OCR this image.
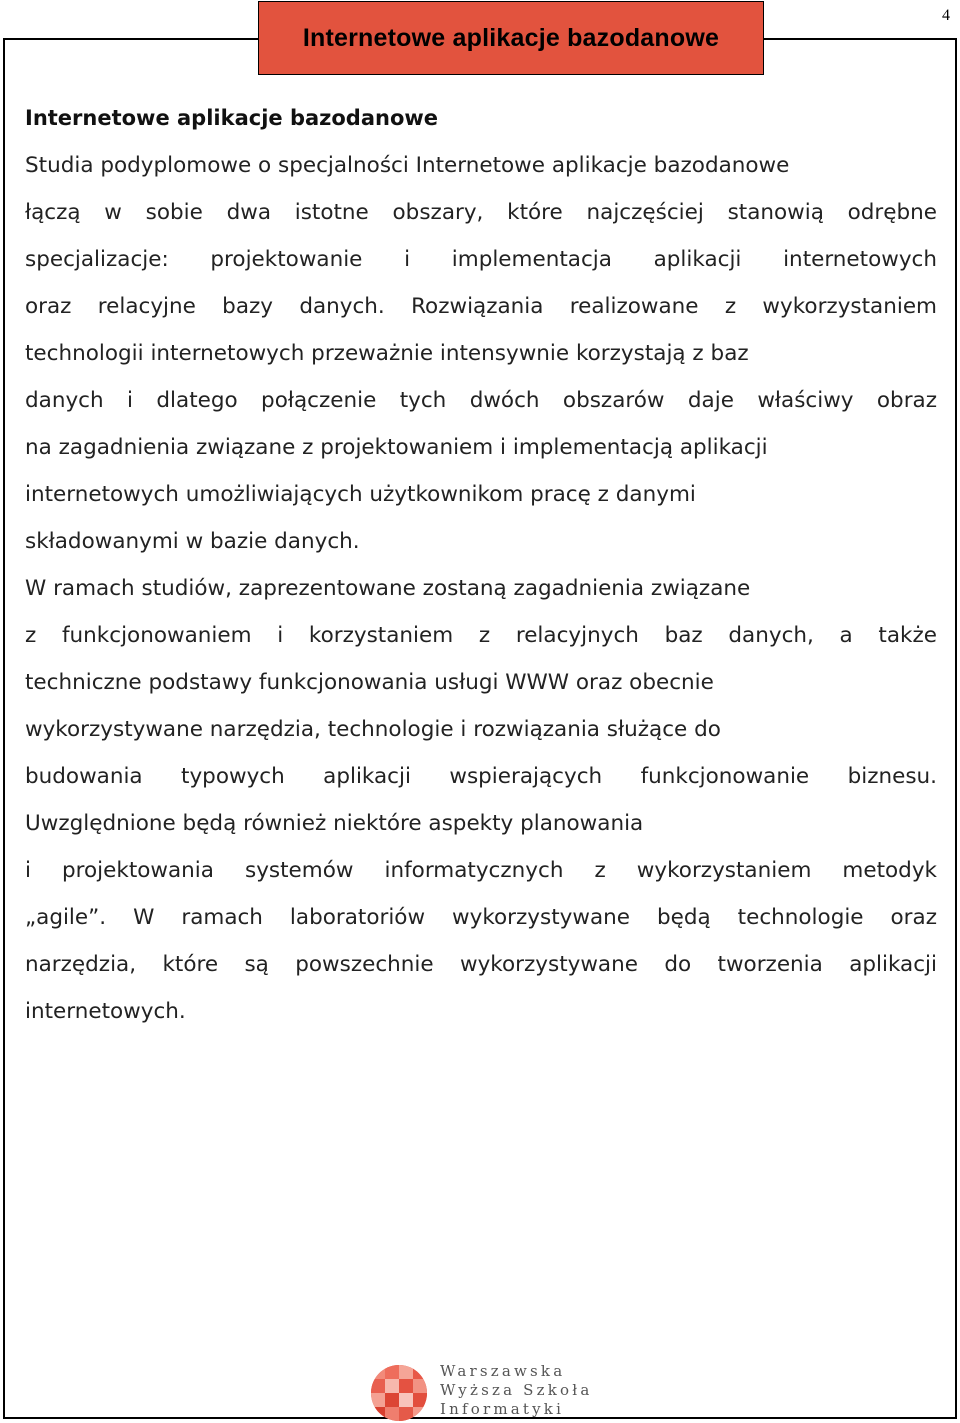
Internetowe aplikacje bazodanowe
4
Internetowe aplikacje bazodanowe

Studia podyplomowe o specjalności Internetowe aplikacje bazodanowe
łączą w sobie dwa istotne obszary, które najczęściej stanowią odrębne
specjalizacje: projektowanie i implementacja aplikacji internetowych
oraz relacyjne bazy danych. Rozwiązania realizowane z wykorzystaniem
technologii internetowych przeważnie intensywnie korzystają z baz
danych i dlatego połączenie tych dwóch obszarów daje właściwy obraz
na zagadnienia związane z projektowaniem i implementacją aplikacji
internetowych umożliwiających użytkownikom pracę z danymi
składowanymi w bazie danych.

W ramach studiów, zaprezentowane zostaną zagadnienia związane
z funkcjonowaniem i korzystaniem z relacyjnych baz danych, a także
techniczne podstawy funkcjonowania usługi WWW oraz obecnie
wykorzystywane narzędzia, technologie i rozwiązania służące do
budowania typowych aplikacji wspierających funkcjonowanie biznesu.
Uwzględnione będą również niektóre aspekty planowania
i projektowania systemów informatycznych z wykorzystaniem metodyk
„agile”. W ramach laboratoriów wykorzystywane będą technologie oraz
narzędzia, które są powszechnie wykorzystywane do tworzenia aplikacji
internetowych.

Warszawska
Wyższa Szkoła
Informatyki
